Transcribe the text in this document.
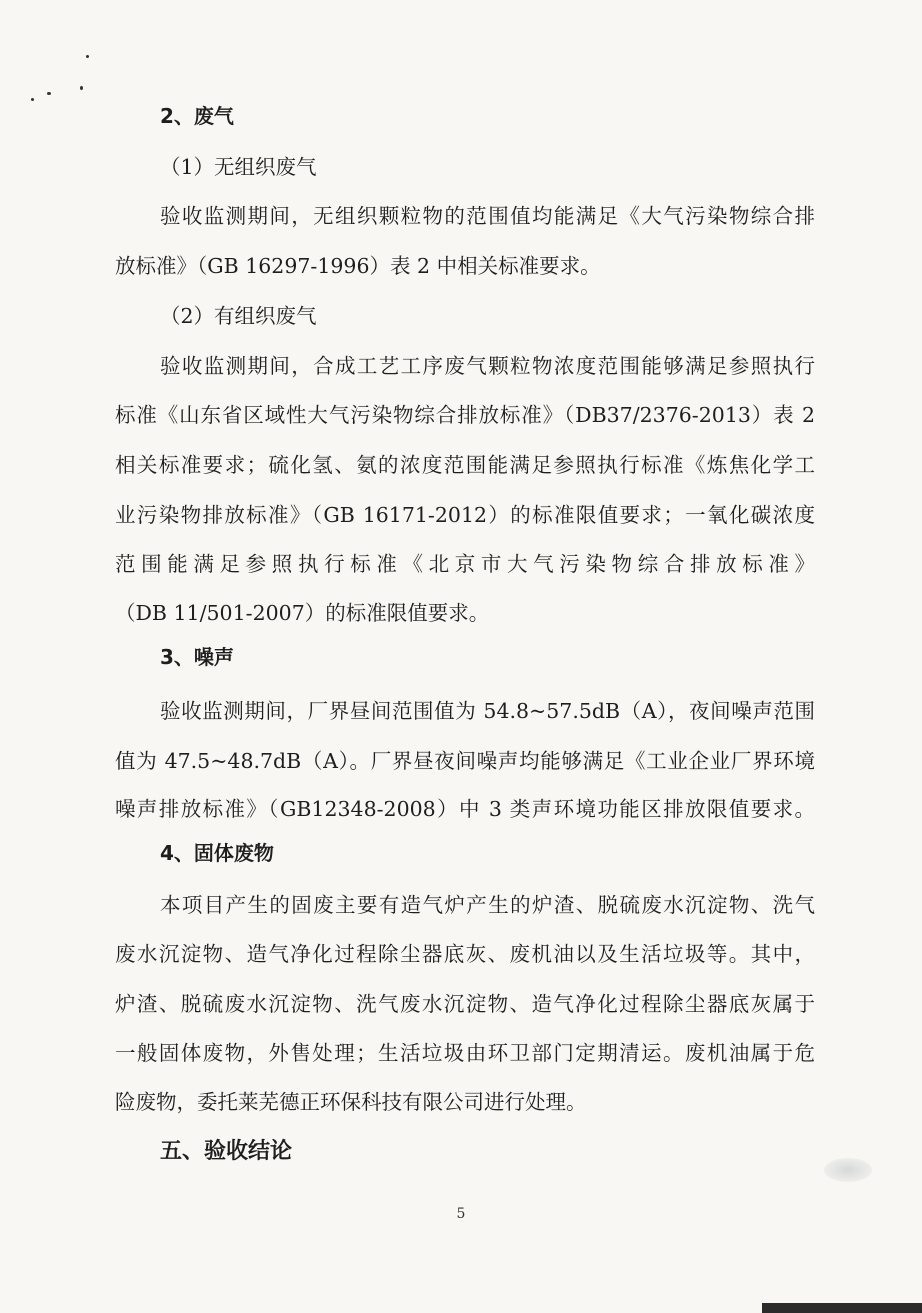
2、废气
（1）无组织废气
验收监测期间，无组织颗粒物的范围值均能满足《大气污染物综合排
放标准》（GB 16297-1996）表 2 中相关标准要求。
（2）有组织废气
验收监测期间，合成工艺工序废气颗粒物浓度范围能够满足参照执行
标准《山东省区域性大气污染物综合排放标准》（DB37/2376-2013）表 2
相关标准要求；硫化氢、氨的浓度范围能满足参照执行标准《炼焦化学工
业污染物排放标准》（GB 16171-2012）的标准限值要求；一氧化碳浓度
范围能满足参照执行标准《北京市大气污染物综合排放标准》
（DB 11/501-2007）的标准限值要求。
3、噪声
验收监测期间，厂界昼间范围值为 54.8~57.5dB（A），夜间噪声范围
值为 47.5~48.7dB（A）。厂界昼夜间噪声均能够满足《工业企业厂界环境
噪声排放标准》（GB12348-2008）中 3 类声环境功能区排放限值要求。
4、固体废物
本项目产生的固废主要有造气炉产生的炉渣、脱硫废水沉淀物、洗气
废水沉淀物、造气净化过程除尘器底灰、废机油以及生活垃圾等。其中，
炉渣、脱硫废水沉淀物、洗气废水沉淀物、造气净化过程除尘器底灰属于
一般固体废物，外售处理；生活垃圾由环卫部门定期清运。废机油属于危
险废物，委托莱芜德正环保科技有限公司进行处理。
五、验收结论
5
